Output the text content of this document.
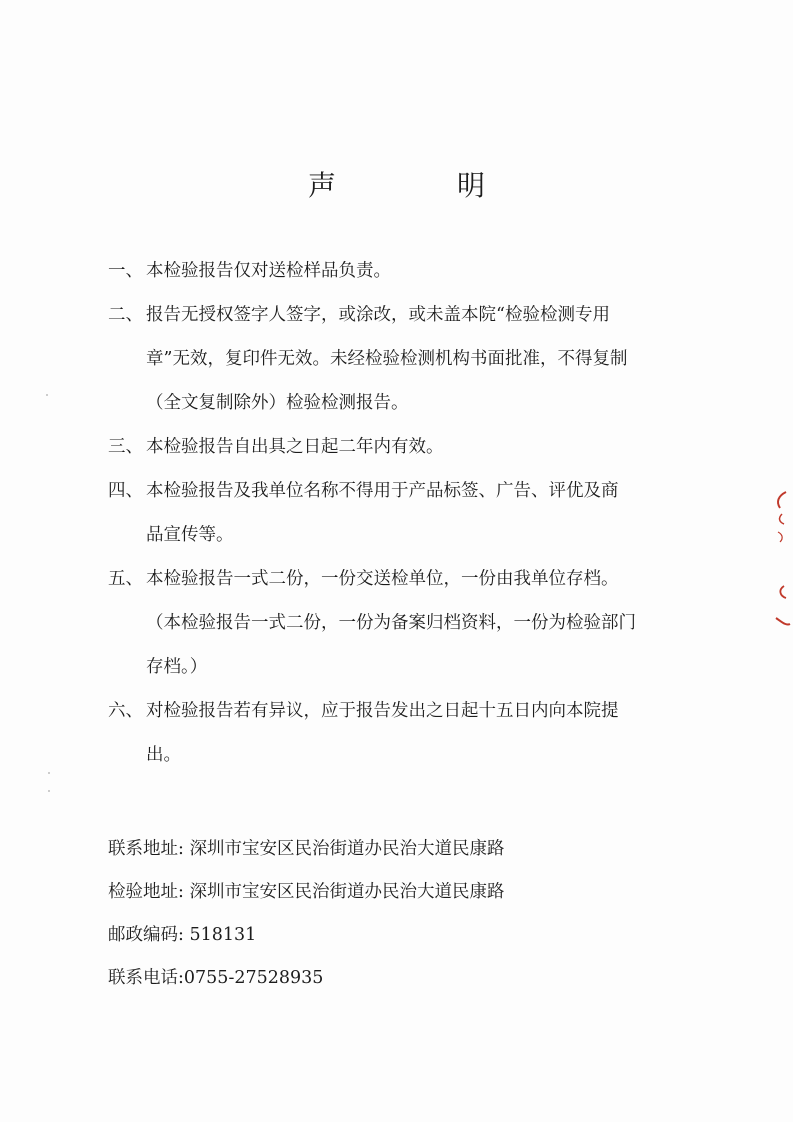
声 明
一、 本检验报告仅对送检样品负责。
二、 报告无授权签字人签字，或涂改，或未盖本院“检验检测专用
章”无效，复印件无效。未经检验检测机构书面批准，不得复制
（全文复制除外）检验检测报告。
三、 本检验报告自出具之日起二年内有效。
四、 本检验报告及我单位名称不得用于产品标签、广告、评优及商
品宣传等。
五、 本检验报告一式二份，一份交送检单位，一份由我单位存档。
（本检验报告一式二份，一份为备案归档资料，一份为检验部门
存档。）
六、 对检验报告若有异议，应于报告发出之日起十五日内向本院提
出。
联系地址: 深圳市宝安区民治街道办民治大道民康路
检验地址: 深圳市宝安区民治街道办民治大道民康路
邮政编码: 518131
联系电话:0755-27528935
